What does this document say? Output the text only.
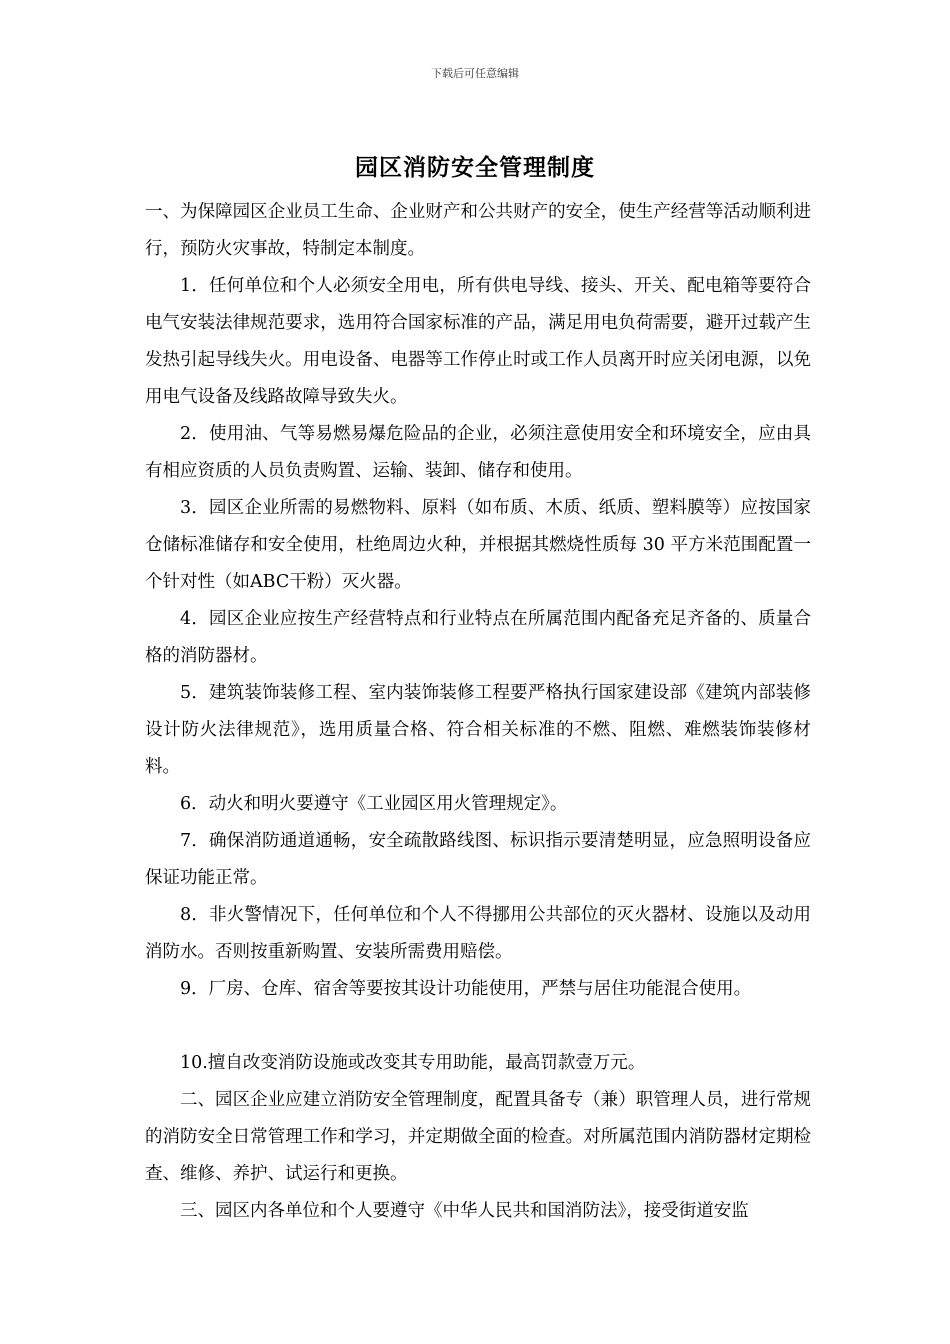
下载后可任意编辑
园区消防安全管理制度

一、为保障园区企业员工生命、企业财产和公共财产的安全，使生产经营等活动顺利进行，预防火灾事故，特制定本制度。

1．任何单位和个人必须安全用电，所有供电导线、接头、开关、配电箱等要符合电气安装法律规范要求，选用符合国家标准的产品，满足用电负荷需要，避开过载产生发热引起导线失火。用电设备、电器等工作停止时或工作人员离开时应关闭电源，以免用电气设备及线路故障导致失火。

2．使用油、气等易燃易爆危险品的企业，必须注意使用安全和环境安全，应由具有相应资质的人员负责购置、运输、装卸、储存和使用。

3．园区企业所需的易燃物料、原料（如布质、木质、纸质、塑料膜等）应按国家仓储标准储存和安全使用，杜绝周边火种，并根据其燃烧性质每 30 平方米范围配置一个针对性（如ABC干粉）灭火器。

4．园区企业应按生产经营特点和行业特点在所属范围内配备充足齐备的、质量合格的消防器材。

5．建筑装饰装修工程、室内装饰装修工程要严格执行国家建设部《建筑内部装修设计防火法律规范》，选用质量合格、符合相关标准的不燃、阻燃、难燃装饰装修材料。

6．动火和明火要遵守《工业园区用火管理规定》。

7．确保消防通道通畅，安全疏散路线图、标识指示要清楚明显，应急照明设备应保证功能正常。

8．非火警情况下，任何单位和个人不得挪用公共部位的灭火器材、设施以及动用消防水。否则按重新购置、安装所需费用赔偿。

9．厂房、仓库、宿舍等要按其设计功能使用，严禁与居住功能混合使用。

10.擅自改变消防设施或改变其专用助能，最高罚款壹万元。

二、园区企业应建立消防安全管理制度，配置具备专（兼）职管理人员，进行常规的消防安全日常管理工作和学习，并定期做全面的检查。对所属范围内消防器材定期检查、维修、养护、试运行和更换。

三、园区内各单位和个人要遵守《中华人民共和国消防法》，接受街道安监
